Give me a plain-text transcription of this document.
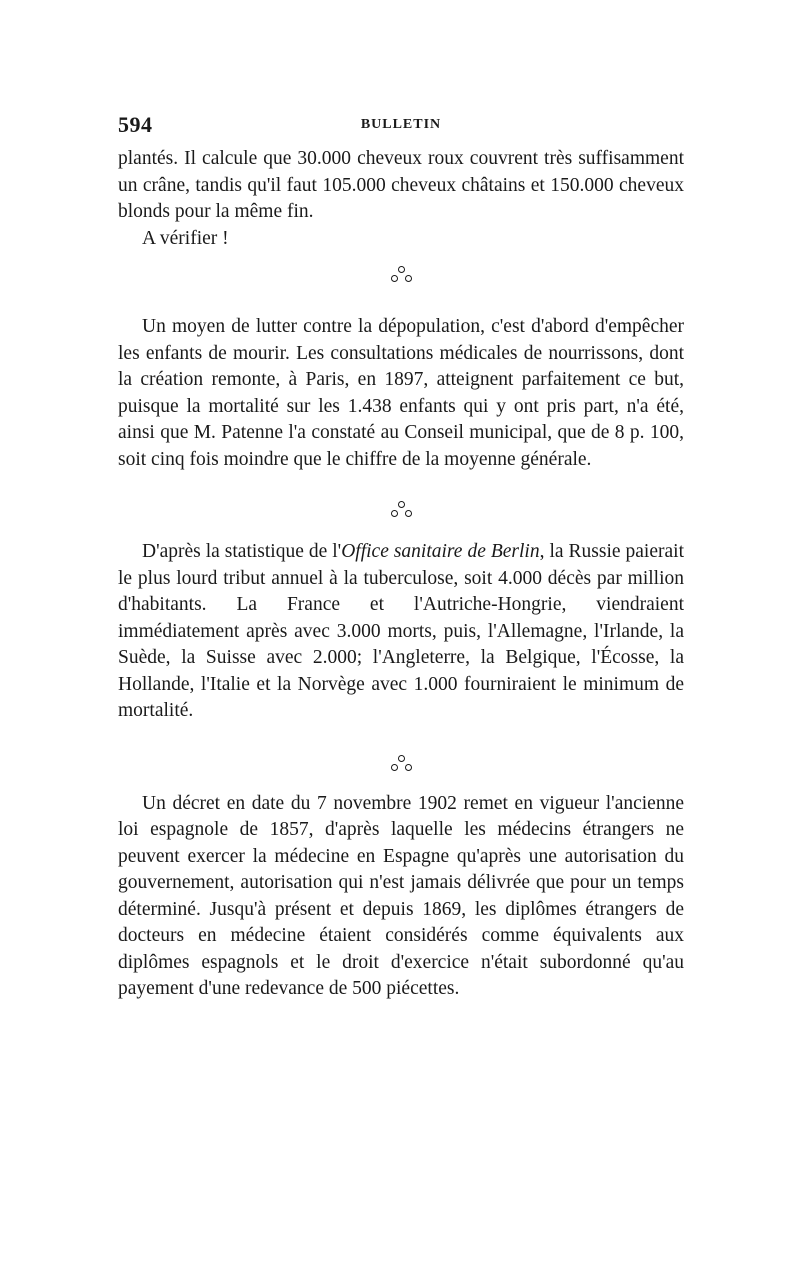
594	BULLETIN

plantés. Il calcule que 30.000 cheveux roux couvrent très suffisamment un crâne, tandis qu'il faut 105.000 cheveux châtains et 150.000 cheveux blonds pour la même fin.

A vérifier !

Un moyen de lutter contre la dépopulation, c'est d'abord d'empêcher les enfants de mourir. Les consultations médicales de nourrissons, dont la création remonte, à Paris, en 1897, atteignent parfaitement ce but, puisque la mortalité sur les 1.438 enfants qui y ont pris part, n'a été, ainsi que M. Patenne l'a constaté au Conseil municipal, que de 8 p. 100, soit cinq fois moindre que le chiffre de la moyenne générale.

D'après la statistique de l'Office sanitaire de Berlin, la Russie paierait le plus lourd tribut annuel à la tuberculose, soit 4.000 décès par million d'habitants. La France et l'Autriche-Hongrie, viendraient immédiatement après avec 3.000 morts, puis, l'Allemagne, l'Irlande, la Suède, la Suisse avec 2.000; l'Angleterre, la Belgique, l'Écosse, la Hollande, l'Italie et la Norvège avec 1.000 fourniraient le minimum de mortalité.

Un décret en date du 7 novembre 1902 remet en vigueur l'ancienne loi espagnole de 1857, d'après laquelle les médecins étrangers ne peuvent exercer la médecine en Espagne qu'après une autorisation du gouvernement, autorisation qui n'est jamais délivrée que pour un temps déterminé. Jusqu'à présent et depuis 1869, les diplômes étrangers de docteurs en médecine étaient considérés comme équivalents aux diplômes espagnols et le droit d'exercice n'était subordonné qu'au payement d'une redevance de 500 piécettes.
